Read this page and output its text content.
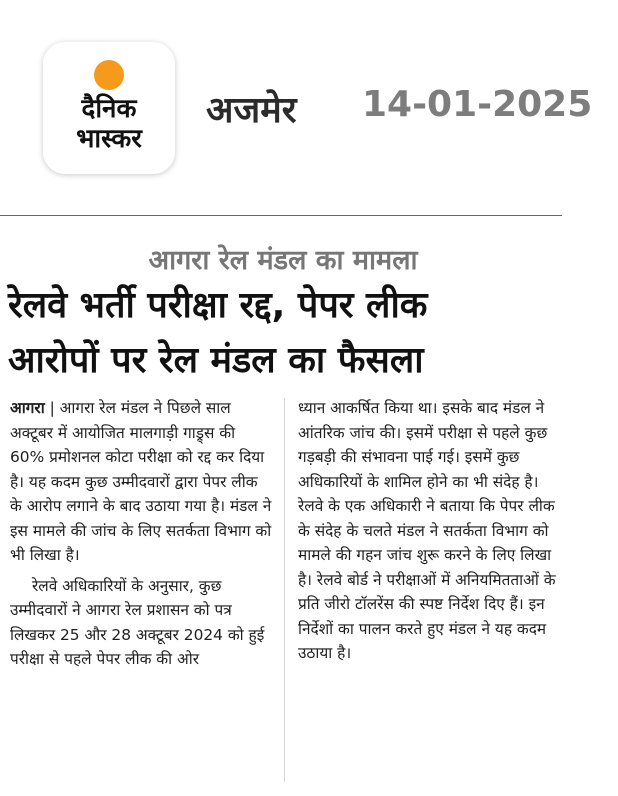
दैनिक
भास्कर
अजमेर 14-01-2025
आगरा रेल मंडल का मामला
रेलवे भर्ती परीक्षा रद्द, पेपर लीक
आरोपों पर रेल मंडल का फैसला

आगरा | आगरा रेल मंडल ने पिछले साल अक्टूबर में आयोजित मालगाड़ी गाड्र्स की 60% प्रमोशनल कोटा परीक्षा को रद्द कर दिया है। यह कदम कुछ उम्मीदवारों द्वारा पेपर लीक के आरोप लगाने के बाद उठाया गया है। मंडल ने इस मामले की जांच के लिए सतर्कता विभाग को भी लिखा है।

रेलवे अधिकारियों के अनुसार, कुछ उम्मीदवारों ने आगरा रेल प्रशासन को पत्र लिखकर 25 और 28 अक्टूबर 2024 को हुई परीक्षा से पहले पेपर लीक की ओर

ध्यान आकर्षित किया था। इसके बाद मंडल ने आंतरिक जांच की। इसमें परीक्षा से पहले कुछ गड़बड़ी की संभावना पाई गई। इसमें कुछ अधिकारियों के शामिल होने का भी संदेह है। रेलवे के एक अधिकारी ने बताया कि पेपर लीक के संदेह के चलते मंडल ने सतर्कता विभाग को मामले की गहन जांच शुरू करने के लिए लिखा है। रेलवे बोर्ड ने परीक्षाओं में अनियमितताओं के प्रति जीरो टॉलरेंस की स्पष्ट निर्देश दिए हैं। इन निर्देशों का पालन करते हुए मंडल ने यह कदम उठाया है।
